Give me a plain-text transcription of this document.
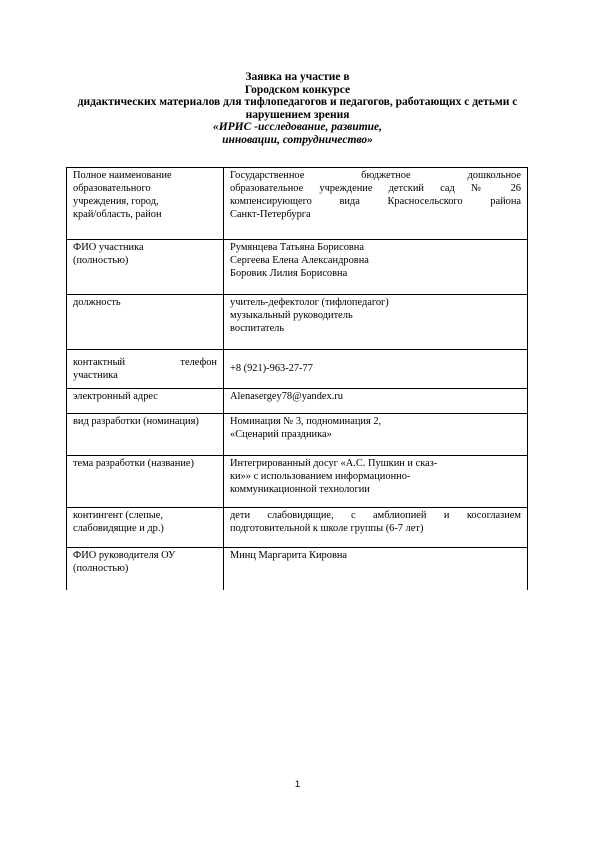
Заявка на участие в
Городском конкурсе
дидактических материалов для тифлопедагогов и педагогов, работающих с детьми с
нарушением зрения
«ИРИС -исследование, развитие,
инновации, сотрудничество»
Полное наименование
образовательного
учреждения, город,
край/область, район	Государственное бюджетное дошкольное
образовательное учреждение детский сад № 26
компенсирующего вида Красносельского района
Санкт-Петербурга

ФИО участника
(полностью)	Румянцева Татьяна Борисовна
Сергеева Елена Александровна
Боровик Лилия Борисовна

должность	учитель-дефектолог (тифлопедагог)
музыкальный руководитель
воспитатель

контактный телефон
участника	+8 (921)-963-27-77

электронный адрес	Alenasergey78@yandex.ru

вид разработки (номинация)	Номинация № 3, подноминация 2,
«Сценарий праздника»

тема разработки (название)	Интегрированный досуг «А.С. Пушкин и сказ-
ки»» с использованием информационно-
коммуникационной технологии

контингент (слепые,
слабовидящие и др.)	дети слабовидящие, с амблиопией и косоглазием
подготовительной к школе группы (6-7 лет)

ФИО руководителя ОУ
(полностью)	Минц Маргарита Кировна
1
